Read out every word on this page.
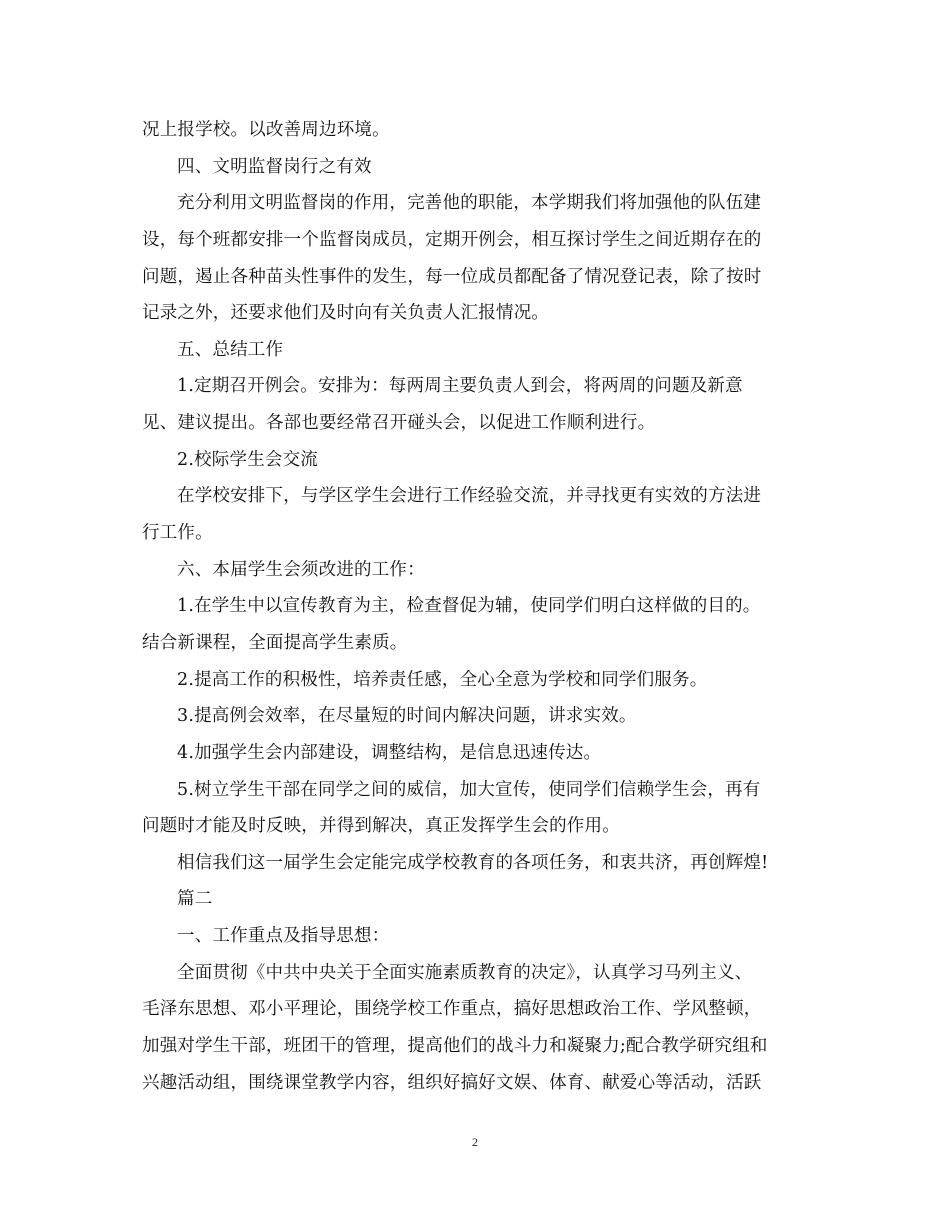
况上报学校。以改善周边环境。
四、文明监督岗行之有效
充分利用文明监督岗的作用，完善他的职能，本学期我们将加强他的队伍建
设，每个班都安排一个监督岗成员，定期开例会，相互探讨学生之间近期存在的
问题，遏止各种苗头性事件的发生，每一位成员都配备了情况登记表，除了按时
记录之外，还要求他们及时向有关负责人汇报情况。
五、总结工作
1.定期召开例会。安排为：每两周主要负责人到会，将两周的问题及新意
见、建议提出。各部也要经常召开碰头会，以促进工作顺利进行。
2.校际学生会交流
在学校安排下，与学区学生会进行工作经验交流，并寻找更有实效的方法进
行工作。
六、本届学生会须改进的工作：
1.在学生中以宣传教育为主，检查督促为辅，使同学们明白这样做的目的。
结合新课程，全面提高学生素质。
2.提高工作的积极性，培养责任感，全心全意为学校和同学们服务。
3.提高例会效率，在尽量短的时间内解决问题，讲求实效。
4.加强学生会内部建设，调整结构，是信息迅速传达。
5.树立学生干部在同学之间的威信，加大宣传，使同学们信赖学生会，再有
问题时才能及时反映，并得到解决，真正发挥学生会的作用。
相信我们这一届学生会定能完成学校教育的各项任务，和衷共济，再创辉煌!
篇二
一、工作重点及指导思想：
全面贯彻《中共中央关于全面实施素质教育的决定》，认真学习马列主义、
毛泽东思想、邓小平理论，围绕学校工作重点，搞好思想政治工作、学风整顿，
加强对学生干部，班团干的管理，提高他们的战斗力和凝聚力;配合教学研究组和
兴趣活动组，围绕课堂教学内容，组织好搞好文娱、体育、献爱心等活动，活跃
2
